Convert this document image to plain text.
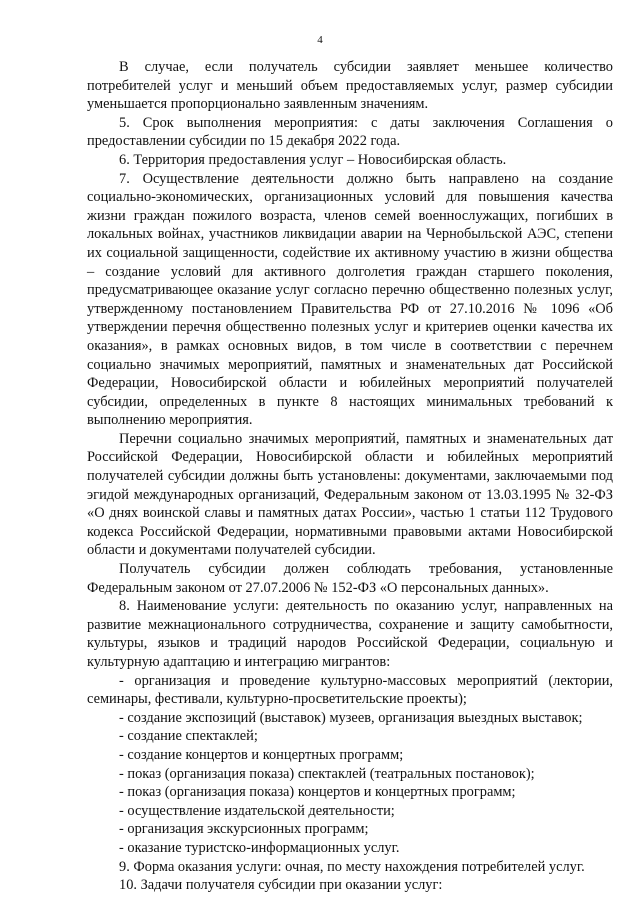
4

В случае, если получатель субсидии заявляет меньшее количество потребителей услуг и меньший объем предоставляемых услуг, размер субсидии уменьшается пропорционально заявленным значениям.

5. Срок выполнения мероприятия: с даты заключения Соглашения о предоставлении субсидии по 15 декабря 2022 года.

6. Территория предоставления услуг – Новосибирская область.

7. Осуществление деятельности должно быть направлено на создание социально-экономических, организационных условий для повышения качества жизни граждан пожилого возраста, членов семей военнослужащих, погибших в локальных войнах, участников ликвидации аварии на Чернобыльской АЭС, степени их социальной защищенности, содействие их активному участию в жизни общества – создание условий для активного долголетия граждан старшего поколения, предусматривающее оказание услуг согласно перечню общественно полезных услуг, утвержденному постановлением Правительства РФ от 27.10.2016 № 1096 «Об утверждении перечня общественно полезных услуг и критериев оценки качества их оказания», в рамках основных видов, в том числе в соответствии с перечнем социально значимых мероприятий, памятных и знаменательных дат Российской Федерации, Новосибирской области и юбилейных мероприятий получателей субсидии, определенных в пункте 8 настоящих минимальных требований к выполнению мероприятия.

Перечни социально значимых мероприятий, памятных и знаменательных дат Российской Федерации, Новосибирской области и юбилейных мероприятий получателей субсидии должны быть установлены: документами, заключаемыми под эгидой международных организаций, Федеральным законом от 13.03.1995 № 32-ФЗ «О днях воинской славы и памятных датах России», частью 1 статьи 112 Трудового кодекса Российской Федерации, нормативными правовыми актами Новосибирской области и документами получателей субсидии.

Получатель субсидии должен соблюдать требования, установленные Федеральным законом от 27.07.2006 № 152-ФЗ «О персональных данных».

8. Наименование услуги: деятельность по оказанию услуг, направленных на развитие межнационального сотрудничества, сохранение и защиту самобытности, культуры, языков и традиций народов Российской Федерации, социальную и культурную адаптацию и интеграцию мигрантов:

- организация и проведение культурно-массовых мероприятий (лектории, семинары, фестивали, культурно-просветительские проекты);

- создание экспозиций (выставок) музеев, организация выездных выставок;

- создание спектаклей;

- создание концертов и концертных программ;

- показ (организация показа) спектаклей (театральных постановок);

- показ (организация показа) концертов и концертных программ;

- осуществление издательской деятельности;

- организация экскурсионных программ;

- оказание туристско-информационных услуг.

9. Форма оказания услуги: очная, по месту нахождения потребителей услуг.

10. Задачи получателя субсидии при оказании услуг:
